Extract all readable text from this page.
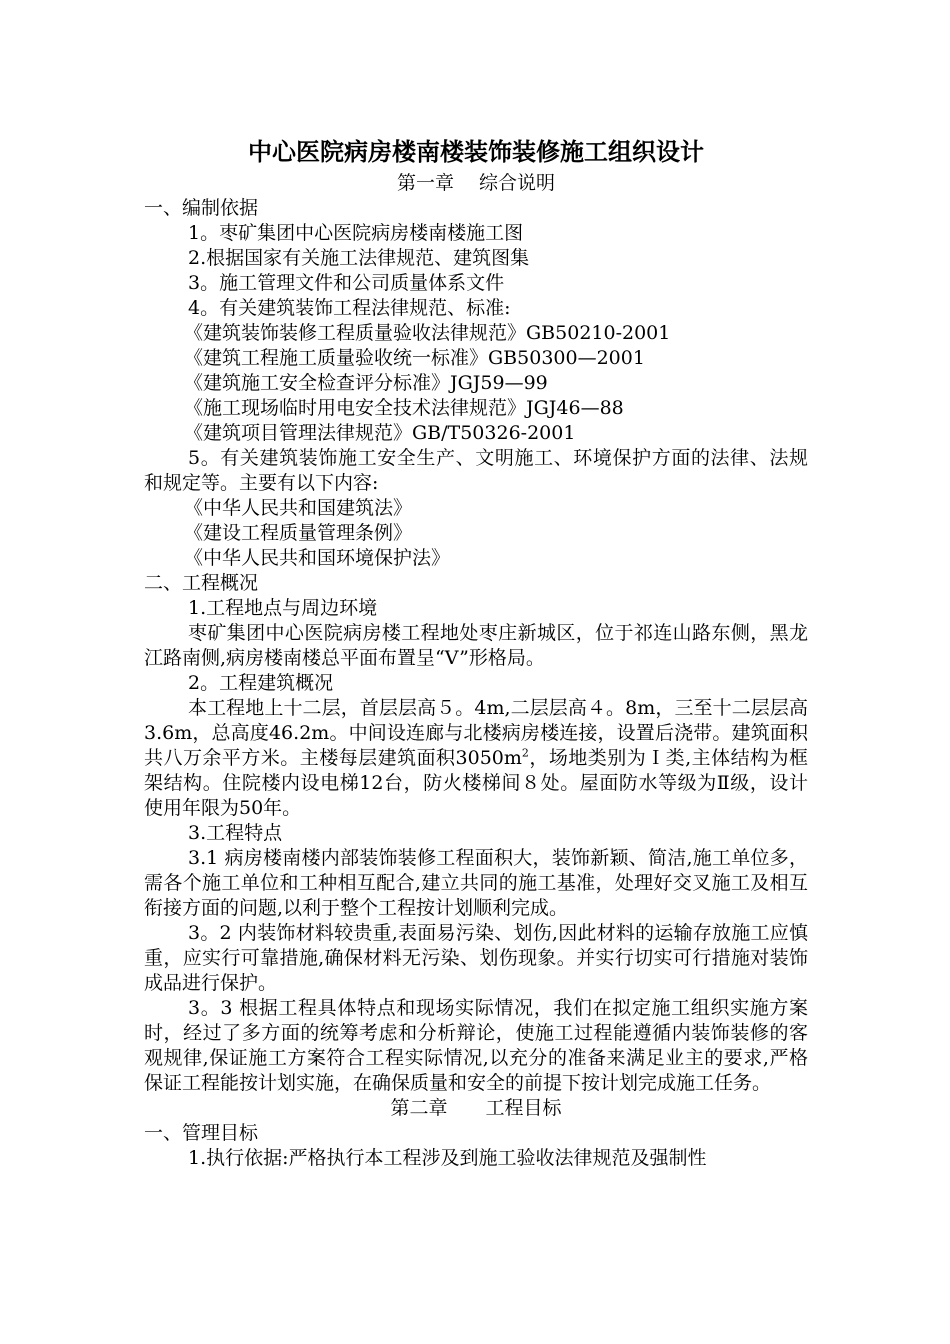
中心医院病房楼南楼装饰装修施工组织设计

第一章　 综合说明

一、编制依据

1。枣矿集团中心医院病房楼南楼施工图

2.根据国家有关施工法律规范、建筑图集

3。施工管理文件和公司质量体系文件

4。有关建筑装饰工程法律规范、标准:

《建筑装饰装修工程质量验收法律规范》GB50210-2001

《建筑工程施工质量验收统一标准》GB50300—2001

《建筑施工安全检查评分标准》JGJ59—99

《施工现场临时用电安全技术法律规范》JGJ46—88

《建筑项目管理法律规范》GB/T50326-2001

5。有关建筑装饰施工安全生产、文明施工、环境保护方面的法律、法规和规定等。主要有以下内容:

《中华人民共和国建筑法》

《建设工程质量管理条例》

《中华人民共和国环境保护法》

二、工程概况

1.工程地点与周边环境

枣矿集团中心医院病房楼工程地处枣庄新城区，位于祁连山路东侧，黑龙江路南侧,病房楼南楼总平面布置呈“V”形格局。

2。工程建筑概况

本工程地上十二层，首层层高５。4m,二层层高４。8m，三至十二层层高3.6m，总高度46.2m。中间设连廊与北楼病房楼连接，设置后浇带。建筑面积共八万余平方米。主楼每层建筑面积$3050m^2$，场地类别为Ｉ类,主体结构为框架结构。住院楼内设电梯12台，防火楼梯间８处。屋面防水等级为Ⅱ级，设计使用年限为50年。

3.工程特点

3.1 病房楼南楼内部装饰装修工程面积大，装饰新颖、简洁,施工单位多，需各个施工单位和工种相互配合,建立共同的施工基准，处理好交叉施工及相互衔接方面的问题,以利于整个工程按计划顺利完成。

3。2 内装饰材料较贵重,表面易污染、划伤,因此材料的运输存放施工应慎重，应实行可靠措施,确保材料无污染、划伤现象。并实行切实可行措施对装饰成品进行保护。

3。3 根据工程具体特点和现场实际情况，我们在拟定施工组织实施方案时，经过了多方面的统筹考虑和分析辩论，使施工过程能遵循内装饰装修的客观规律,保证施工方案符合工程实际情况,以充分的准备来满足业主的要求,严格保证工程能按计划实施，在确保质量和安全的前提下按计划完成施工任务。

第二章　　工程目标

一、管理目标

1.执行依据:严格执行本工程涉及到施工验收法律规范及强制性
